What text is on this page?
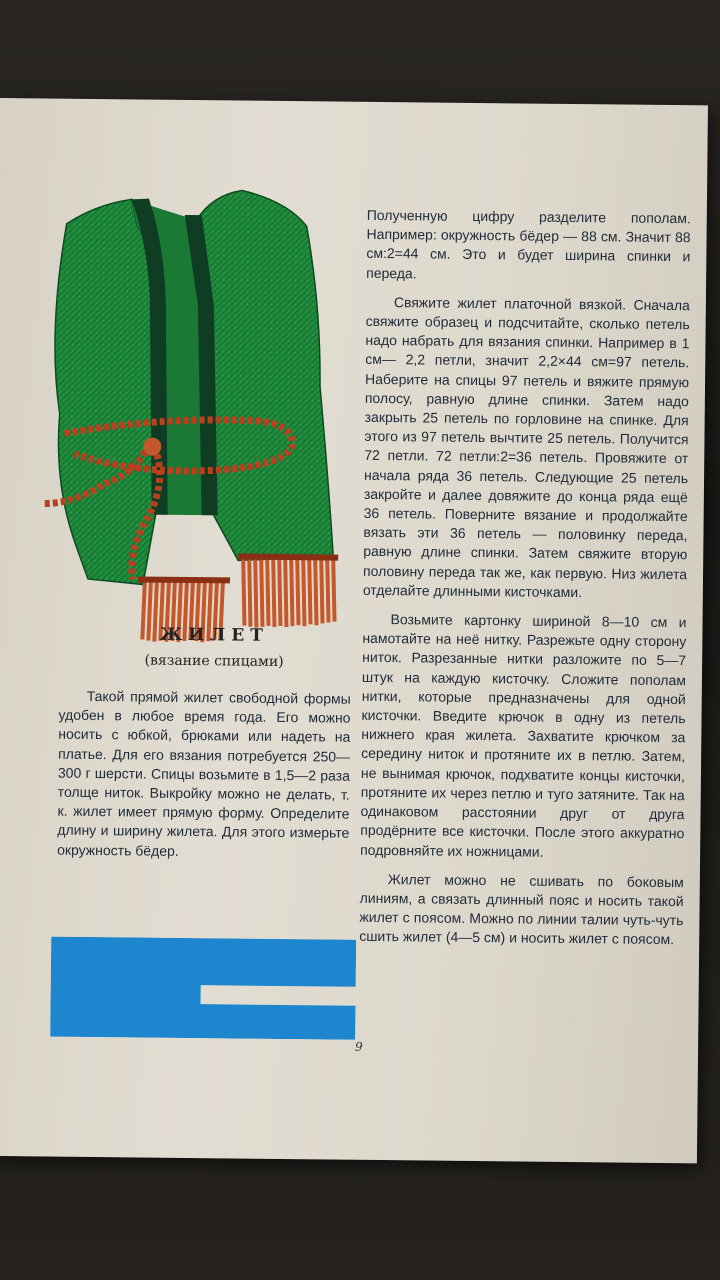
ЖИЛЕТ
(вязание спицами)

Такой прямой жилет свободной формы удобен в любое время года. Его можно носить с юбкой, брюками или надеть на платье. Для его вязания потребуется 250—300 г шерсти. Спицы возьмите в 1,5—2 раза толще ниток. Выкройку можно не делать, т. к. жилет имеет прямую форму. Определите длину и ширину жилета. Для этого измерьте окружность бёдер.

Полученную цифру разделите пополам. Например: окружность бёдер — 88 см. Значит 88 см:2=44 см. Это и будет ширина спинки и переда.

Свяжите жилет платочной вязкой. Сначала свяжите образец и подсчитайте, сколько петель надо набрать для вязания спинки. Например в 1 см— 2,2 петли, значит 2,2×44 см=97 петель. Наберите на спицы 97 петель и вяжите прямую полосу, равную длине спинки. Затем надо закрыть 25 петель по горловине на спинке. Для этого из 97 петель вычтите 25 петель. Получится 72 петли. 72 петли:2=36 петель. Провяжите от начала ряда 36 петель. Следующие 25 петель закройте и далее довяжите до конца ряда ещё 36 петель. Поверните вязание и продолжайте вязать эти 36 петель — половинку переда, равную длине спинки. Затем свяжите вторую половину переда так же, как первую. Низ жилета отделайте длинными кисточками.

Возьмите картонку шириной 8—10 см и намотайте на неё нитку. Разрежьте одну сторону ниток. Разрезанные нитки разложите по 5—7 штук на каждую кисточку. Сложите пополам нитки, которые предназначены для одной кисточки. Введите крючок в одну из петель нижнего края жилета. Захватите крючком за середину ниток и протяните их в петлю. Затем, не вынимая крючок, подхватите концы кисточки, протяните их через петлю и туго затяните. Так на одинаковом расстоянии друг от друга продёрните все кисточки. После этого аккуратно подровняйте их ножницами.

Жилет можно не сшивать по боковым линиям, а связать длинный пояс и носить такой жилет с поясом. Можно по линии талии чуть-чуть сшить жилет (4—5 см) и носить жилет с поясом.

9
